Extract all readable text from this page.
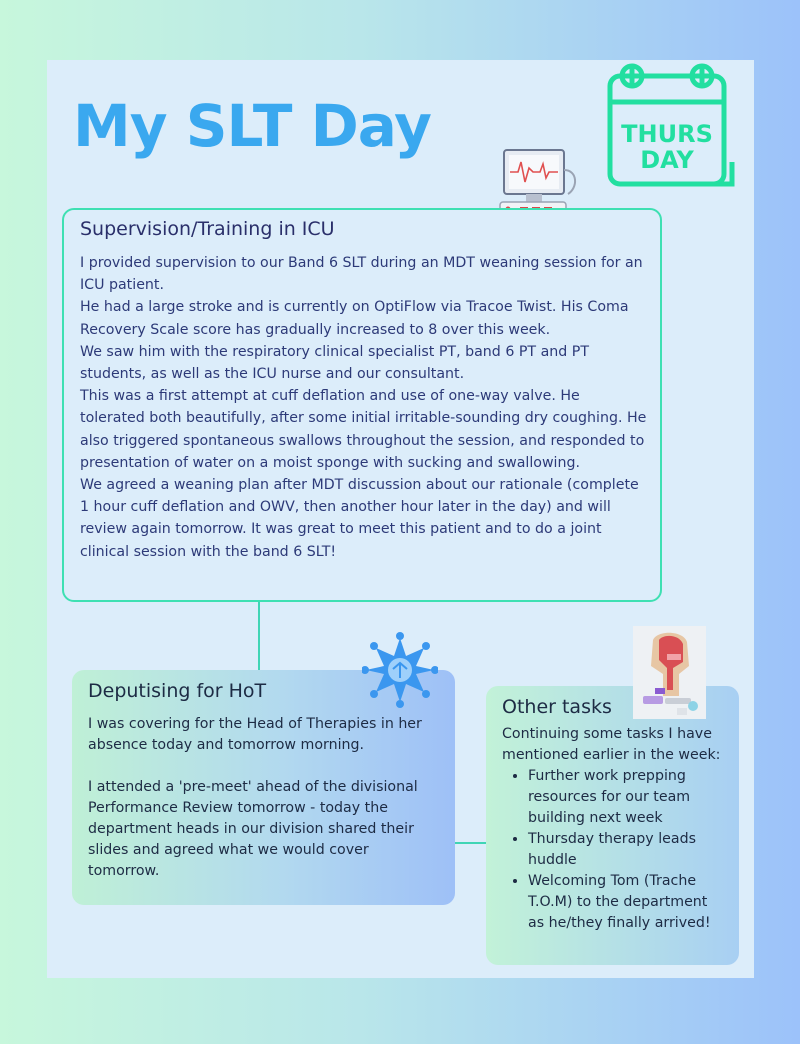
My SLT Day	THURS
DAY
Supervision/Training in ICU

I provided supervision to our Band 6 SLT during an MDT weaning session for an ICU patient.

He had a large stroke and is currently on OptiFlow via Tracoe Twist. His Coma Recovery Scale score has gradually increased to 8 over this week.

We saw him with the respiratory clinical specialist PT, band 6 PT and PT students, as well as the ICU nurse and our consultant.

This was a first attempt at cuff deflation and use of one-way valve. He tolerated both beautifully, after some initial irritable-sounding dry coughing. He also triggered spontaneous swallows throughout the session, and responded to presentation of water on a moist sponge with sucking and swallowing.

We agreed a weaning plan after MDT discussion about our rationale (complete 1 hour cuff deflation and OWV, then another hour later in the day) and will review again tomorrow. It was great to meet this patient and to do a joint clinical session with the band 6 SLT!

Deputising for HoT

I was covering for the Head of Therapies in her absence today and tomorrow morning.

I attended a 'pre-meet' ahead of the divisional Performance Review tomorrow - today the department heads in our division shared their slides and agreed what we would cover tomorrow.

Other tasks

Continuing some tasks I have mentioned earlier in the week:

• Further work prepping resources for our team building next week
• Thursday therapy leads huddle
• Welcoming Tom (Trache T.O.M) to the department as he/they finally arrived!
